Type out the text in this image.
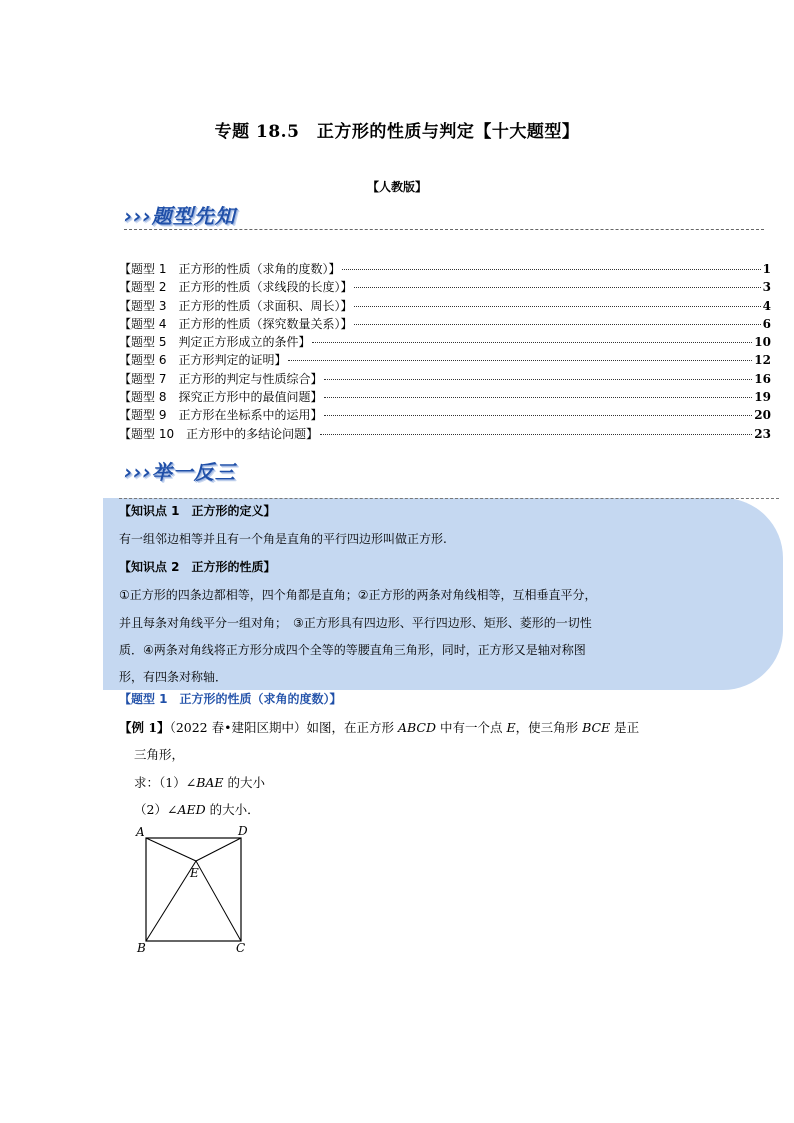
专题 18.5　正方形的性质与判定【十大题型】
【人教版】
›››题型先知
【题型 1　正方形的性质（求角的度数）】	1
【题型 2　正方形的性质（求线段的长度）】	3
【题型 3　正方形的性质（求面积、周长）】	4
【题型 4　正方形的性质（探究数量关系）】	6
【题型 5　判定正方形成立的条件】	10
【题型 6　正方形判定的证明】	12
【题型 7　正方形的判定与性质综合】	16
【题型 8　探究正方形中的最值问题】	19
【题型 9　正方形在坐标系中的运用】	20
【题型 10　正方形中的多结论问题】	23
›››举一反三
【知识点 1　正方形的定义】
有一组邻边相等并且有一个角是直角的平行四边形叫做正方形.
【知识点 2　正方形的性质】
①正方形的四条边都相等，四个角都是直角；②正方形的两条对角线相等，互相垂直平分，
并且每条对角线平分一组对角；　③正方形具有四边形、平行四边形、矩形、菱形的一切性
质．④两条对角线将正方形分成四个全等的等腰直角三角形，同时，正方形又是轴对称图
形，有四条对称轴．
【题型 1　正方形的性质（求角的度数）】
【例 1】（2022 春•建阳区期中）如图，在正方形 ABCD 中有一个点 E，使三角形 BCE 是正
三角形，
求：（1）∠BAE 的大小
（2）∠AED 的大小．
A	D
E
B	C
